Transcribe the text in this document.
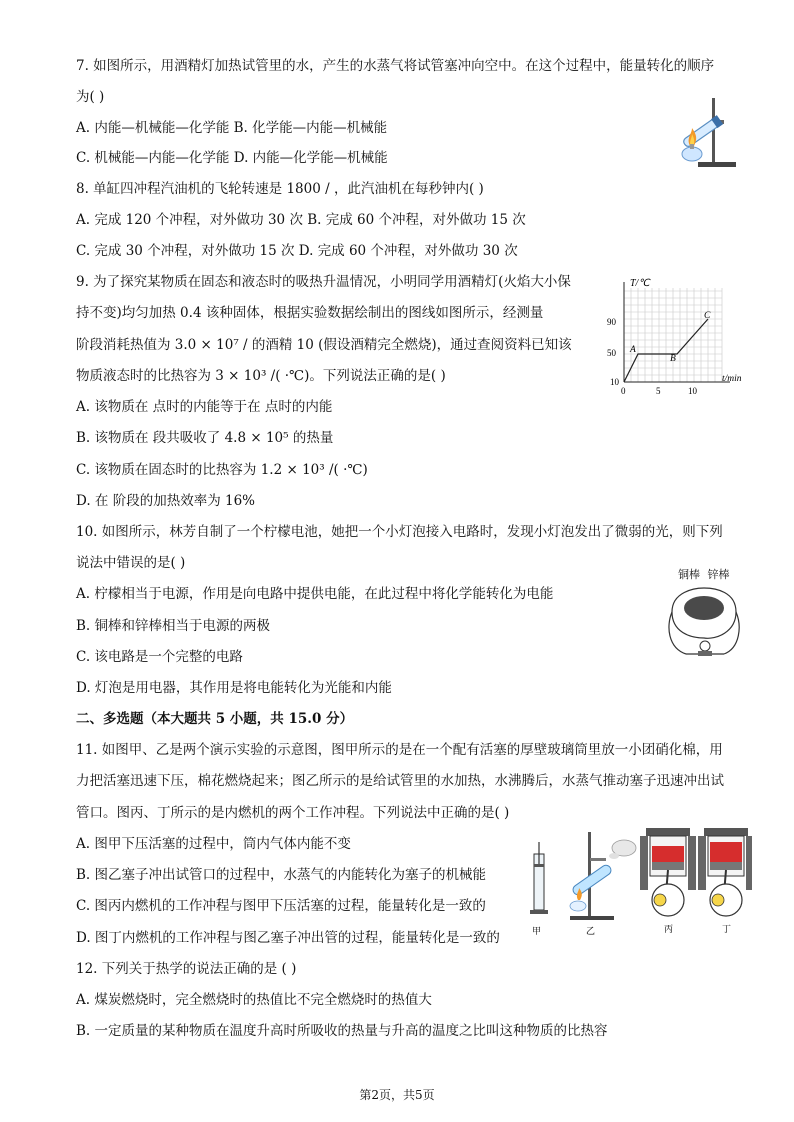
7. 如图所示，用酒精灯加热试管里的水，产生的水蒸气将试管塞冲向空中。在这个过程中，能量转化的顺序
为( )
A. 内能—机械能—化学能 B. 化学能—内能—机械能
C. 机械能—内能—化学能 D. 内能—化学能—机械能
8. 单缸四冲程汽油机的飞轮转速是 1800 / ，此汽油机在每秒钟内( )
A. 完成 120 个冲程，对外做功 30 次 B. 完成 60 个冲程，对外做功 15 次
C. 完成 30 个冲程，对外做功 15 次 D. 完成 60 个冲程，对外做功 30 次
9. 为了探究某物质在固态和液态时的吸热升温情况，小明同学用酒精灯(火焰大小保
持不变)均匀加热 0.4 该种固体，根据实验数据绘制出的图线如图所示，经测量
阶段消耗热值为 3.0 × 10⁷ / 的酒精 10 (假设酒精完全燃烧)，通过查阅资料已知该
物质液态时的比热容为 3 × 10³ /( ·℃)。下列说法正确的是( )
A. 该物质在 点时的内能等于在 点时的内能
B. 该物质在 段共吸收了 4.8 × 10⁵ 的热量
C. 该物质在固态时的比热容为 1.2 × 10³ /( ·℃)
D. 在 阶段的加热效率为 16%
10. 如图所示，林芳自制了一个柠檬电池，她把一个小灯泡接入电路时，发现小灯泡发出了微弱的光，则下列
说法中错误的是( )
A. 柠檬相当于电源，作用是向电路中提供电能，在此过程中将化学能转化为电能
B. 铜棒和锌棒相当于电源的两极
C. 该电路是一个完整的电路
D. 灯泡是用电器，其作用是将电能转化为光能和内能
二、多选题（本大题共 5 小题，共 15.0 分）
11. 如图甲、乙是两个演示实验的示意图，图甲所示的是在一个配有活塞的厚壁玻璃筒里放一小团硝化棉，用
力把活塞迅速下压，棉花燃烧起来；图乙所示的是给试管里的水加热，水沸腾后，水蒸气推动塞子迅速冲出试
管口。图丙、丁所示的是内燃机的两个工作冲程。下列说法中正确的是( )
A. 图甲下压活塞的过程中，筒内气体内能不变
B. 图乙塞子冲出试管口的过程中，水蒸气的内能转化为塞子的机械能
C. 图丙内燃机的工作冲程与图甲下压活塞的过程，能量转化是一致的
D. 图丁内燃机的工作冲程与图乙塞子冲出管的过程，能量转化是一致的
12. 下列关于热学的说法正确的是 ( )
A. 煤炭燃烧时，完全燃烧时的热值比不完全燃烧时的热值大
B. 一定质量的某种物质在温度升高时所吸收的热量与升高的温度之比叫这种物质的比热容
T/℃
t/min
90
50
10
0	5	10
A
B
C
铜棒 锌棒
甲	乙	丙	丁
第2页，共5页
